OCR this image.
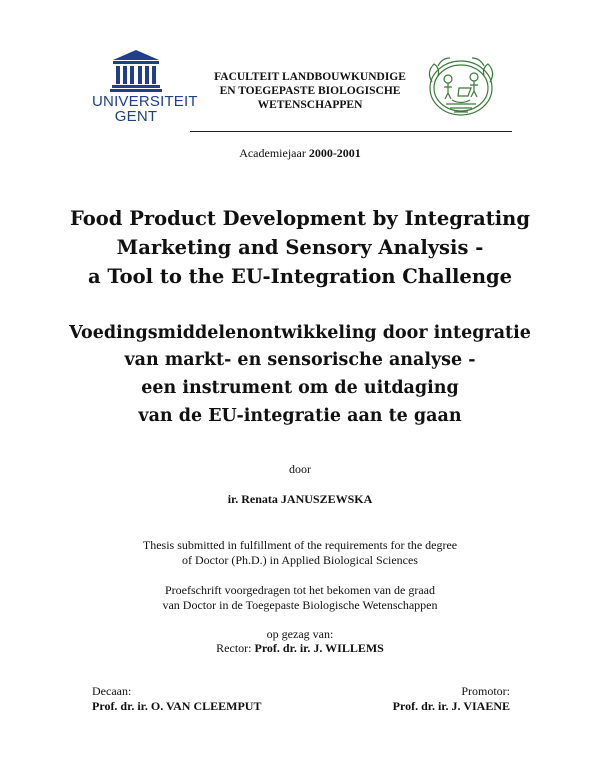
UNIVERSITEIT
GENT
FACULTEIT LANDBOUWKUNDIGE
EN TOEGEPASTE BIOLOGISCHE
WETENSCHAPPEN
Academiejaar 2000-2001
Food Product Development by Integrating
Marketing and Sensory Analysis -
a Tool to the EU-Integration Challenge
Voedingsmiddelenontwikkeling door integratie
van markt- en sensorische analyse -
een instrument om de uitdaging
van de EU-integratie aan te gaan
door
ir. Renata JANUSZEWSKA
Thesis submitted in fulfillment of the requirements for the degree
of Doctor (Ph.D.) in Applied Biological Sciences
Proefschrift voorgedragen tot het bekomen van de graad
van Doctor in de Toegepaste Biologische Wetenschappen
op gezag van:
Rector: Prof. dr. ir. J. WILLEMS
Decaan:
Prof. dr. ir. O. VAN CLEEMPUT
Promotor:
Prof. dr. ir. J. VIAENE
